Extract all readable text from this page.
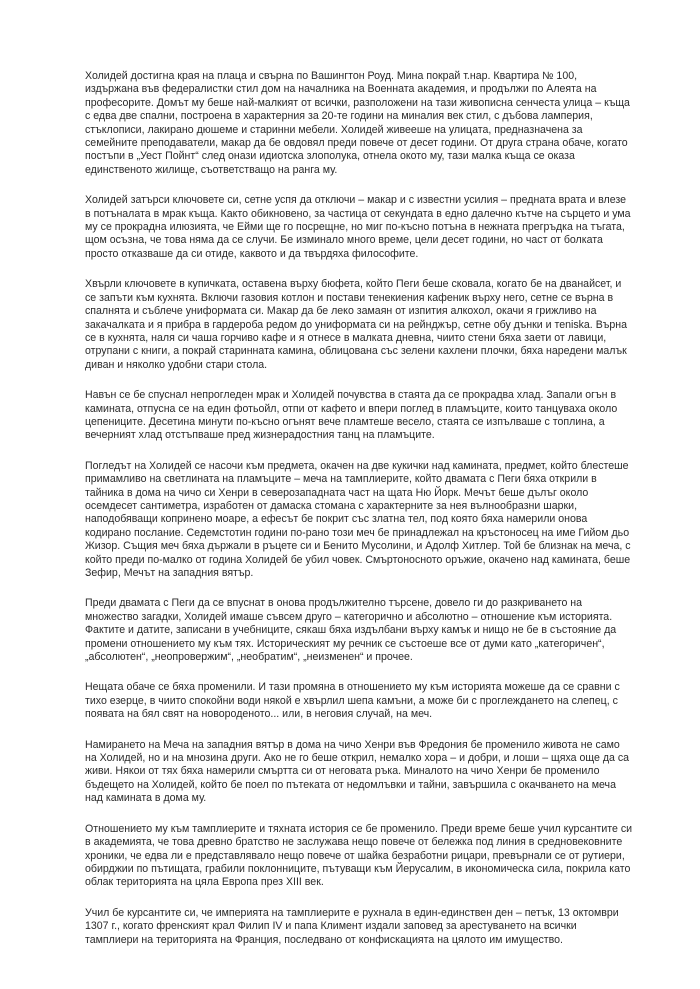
Холидей достигна края на плаца и свърна по Вашингтон Роуд. Мина покрай т.нар. Квартира № 100, издържана във федералистки стил дом на началника на Военната академия, и продължи по Алеята на професорите. Домът му беше най-малкият от всички, разположени на тази живописна сенчеста улица – къща с едва две спални, построена в характерния за 20-те години на миналия век стил, с дъбова ламперия, стъклописи, лакирано дюшеме и старинни мебели. Холидей живееше на улицата, предназначена за семейните преподаватели, макар да бе овдовял преди повече от десет години. От друга страна обаче, когато постъпи в „Уест Пойнт“ след онази идиотска злополука, отнела окото му, тази малка къща се оказа единственото жилище, съответстващо на ранга му.

Холидей затърси ключовете си, сетне успя да отключи – макар и с известни усилия – предната врата и влезе в потъналата в мрак къща. Както обикновено, за частица от секундата в едно далечно кътче на сърцето и ума му се прокрадна илюзията, че Ейми ще го посрещне, но миг по-късно потъна в нежната прегръдка на тъгата, щом осъзна, че това няма да се случи. Бе изминало много време, цели десет години, но част от болката просто отказваше да си отиде, каквото и да твърдяха философите.

Хвърли ключовете в купичката, оставена върху бюфета, който Пеги беше сковала, когато бе на дванайсет, и се запъти към кухнята. Включи газовия котлон и постави тенекиения кафеник върху него, сетне се върна в спалнята и съблече униформата си. Макар да бе леко замаян от изпития алкохол, окачи я грижливо на закачалката и я прибра в гардероба редом до униформата си на рейнджър, сетне обу дънки и теniska. Върна се в кухнята, наля си чаша горчиво кафе и я отнесе в малката дневна, чиито стени бяха заети от лавици, отрупани с книги, а покрай старинната камина, облицована със зелени кахлени плочки, бяха наредени малък диван и няколко удобни стари стола.

Навън се бе спуснал непрогледен мрак и Холидей почувства в стаята да се прокрадва хлад. Запали огън в камината, отпусна се на един фотьойл, отпи от кафето и впери поглед в пламъците, които танцуваха около цепениците. Десетина минути по-късно огънят вече пламтеше весело, стаята се изпълваше с топлина, а вечерният хлад отстъпваше пред жизнерадостния танц на пламъците.

Погледът на Холидей се насочи към предмета, окачен на две кукички над камината, предмет, който блестеше примамливо на светлината на пламъците – меча на тамплиерите, който двамата с Пеги бяха открили в тайника в дома на чичо си Хенри в северозападната част на щата Ню Йорк. Мечът беше дълъг около осемдесет сантиметра, изработен от дамаска стомана с характерните за нея вълнообразни шарки, наподобяващи копринено моаре, а ефесът бе покрит със златна тел, под която бяха намерили онова кодирано послание. Седемстотин години по-рано този меч бе принадлежал на кръстоносец на име Гийом дьо Жизор. Същия меч бяха държали в ръцете си и Бенито Мусолини, и Адолф Хитлер. Той бе близнак на меча, с който преди по-малко от година Холидей бе убил човек. Смъртоносното оръжие, окачено над камината, беше Зефир, Мечът на западния вятър.

Преди двамата с Пеги да се впуснат в онова продължително търсене, довело ги до разкриването на множество загадки, Холидей имаше съвсем друго – категорично и абсолютно – отношение към историята. Фактите и датите, записани в учебниците, сякаш бяха издълбани върху камък и нищо не бе в състояние да промени отношението му към тях. Историческият му речник се състоеше все от думи като „категоричен“, „абсолютен“, „неопровержим“, „необратим“, „неизменен“ и прочее.

Нещата обаче се бяха променили. И тази промяна в отношението му към историята можеше да се сравни с тихо езерце, в чиито спокойни води някой е хвърлил шепа камъни, а може би с проглеждането на слепец, с появата на бял свят на новороденото... или, в неговия случай, на меч.

Намирането на Меча на западния вятър в дома на чичо Хенри във Фредония бе променило живота не само на Холидей, но и на мнозина други. Ако не го беше открил, немалко хора – и добри, и лоши – щяха още да са живи. Някои от тях бяха намерили смъртта си от неговата ръка. Миналото на чичо Хенри бе променило бъдещето на Холидей, който бе поел по пътеката от недомлъвки и тайни, завършила с окачването на меча над камината в дома му.

Отношението му към тамплиерите и тяхната история се бе променило. Преди време беше учил курсантите си в академията, че това древно братство не заслужава нещо повече от бележка под линия в средновековните хроники, че едва ли е представлявало нещо повече от шайка безработни рицари, превърнали се от рутиери, обирджии по пътищата, грабили поклонниците, пътуващи към Йерусалим, в икономическа сила, покрила като облак територията на цяла Европа през XIII век.

Учил бе курсантите си, че империята на тамплиерите е рухнала в един-единствен ден – петък, 13 октомври 1307 г., когато френският крал Филип IV и папа Климент издали заповед за арестуването на всички тамплиери на територията на Франция, последвано от конфискацията на цялото им имущество.
